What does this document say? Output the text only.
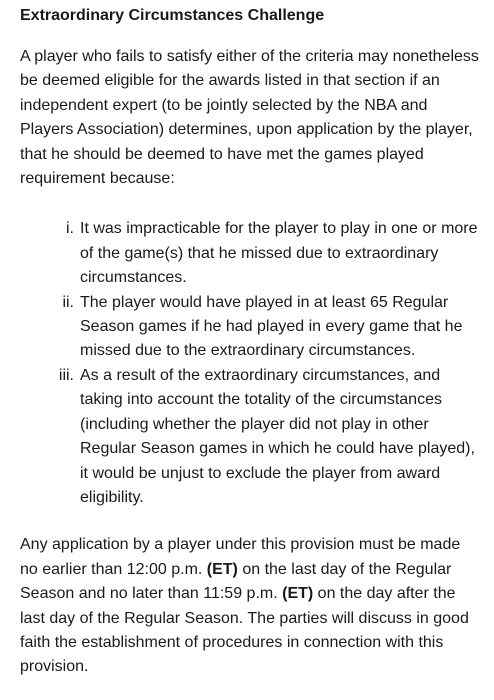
Extraordinary Circumstances Challenge

A player who fails to satisfy either of the criteria may nonetheless be deemed eligible for the awards listed in that section if an independent expert (to be jointly selected by the NBA and Players Association) determines, upon application by the player, that he should be deemed to have met the games played requirement because:

i. It was impracticable for the player to play in one or more of the game(s) that he missed due to extraordinary circumstances.
ii. The player would have played in at least 65 Regular Season games if he had played in every game that he missed due to the extraordinary circumstances.
iii. As a result of the extraordinary circumstances, and taking into account the totality of the circumstances (including whether the player did not play in other Regular Season games in which he could have played), it would be unjust to exclude the player from award eligibility.

Any application by a player under this provision must be made no earlier than 12:00 p.m. (ET) on the last day of the Regular Season and no later than 11:59 p.m. (ET) on the day after the last day of the Regular Season. The parties will discuss in good faith the establishment of procedures in connection with this provision.
